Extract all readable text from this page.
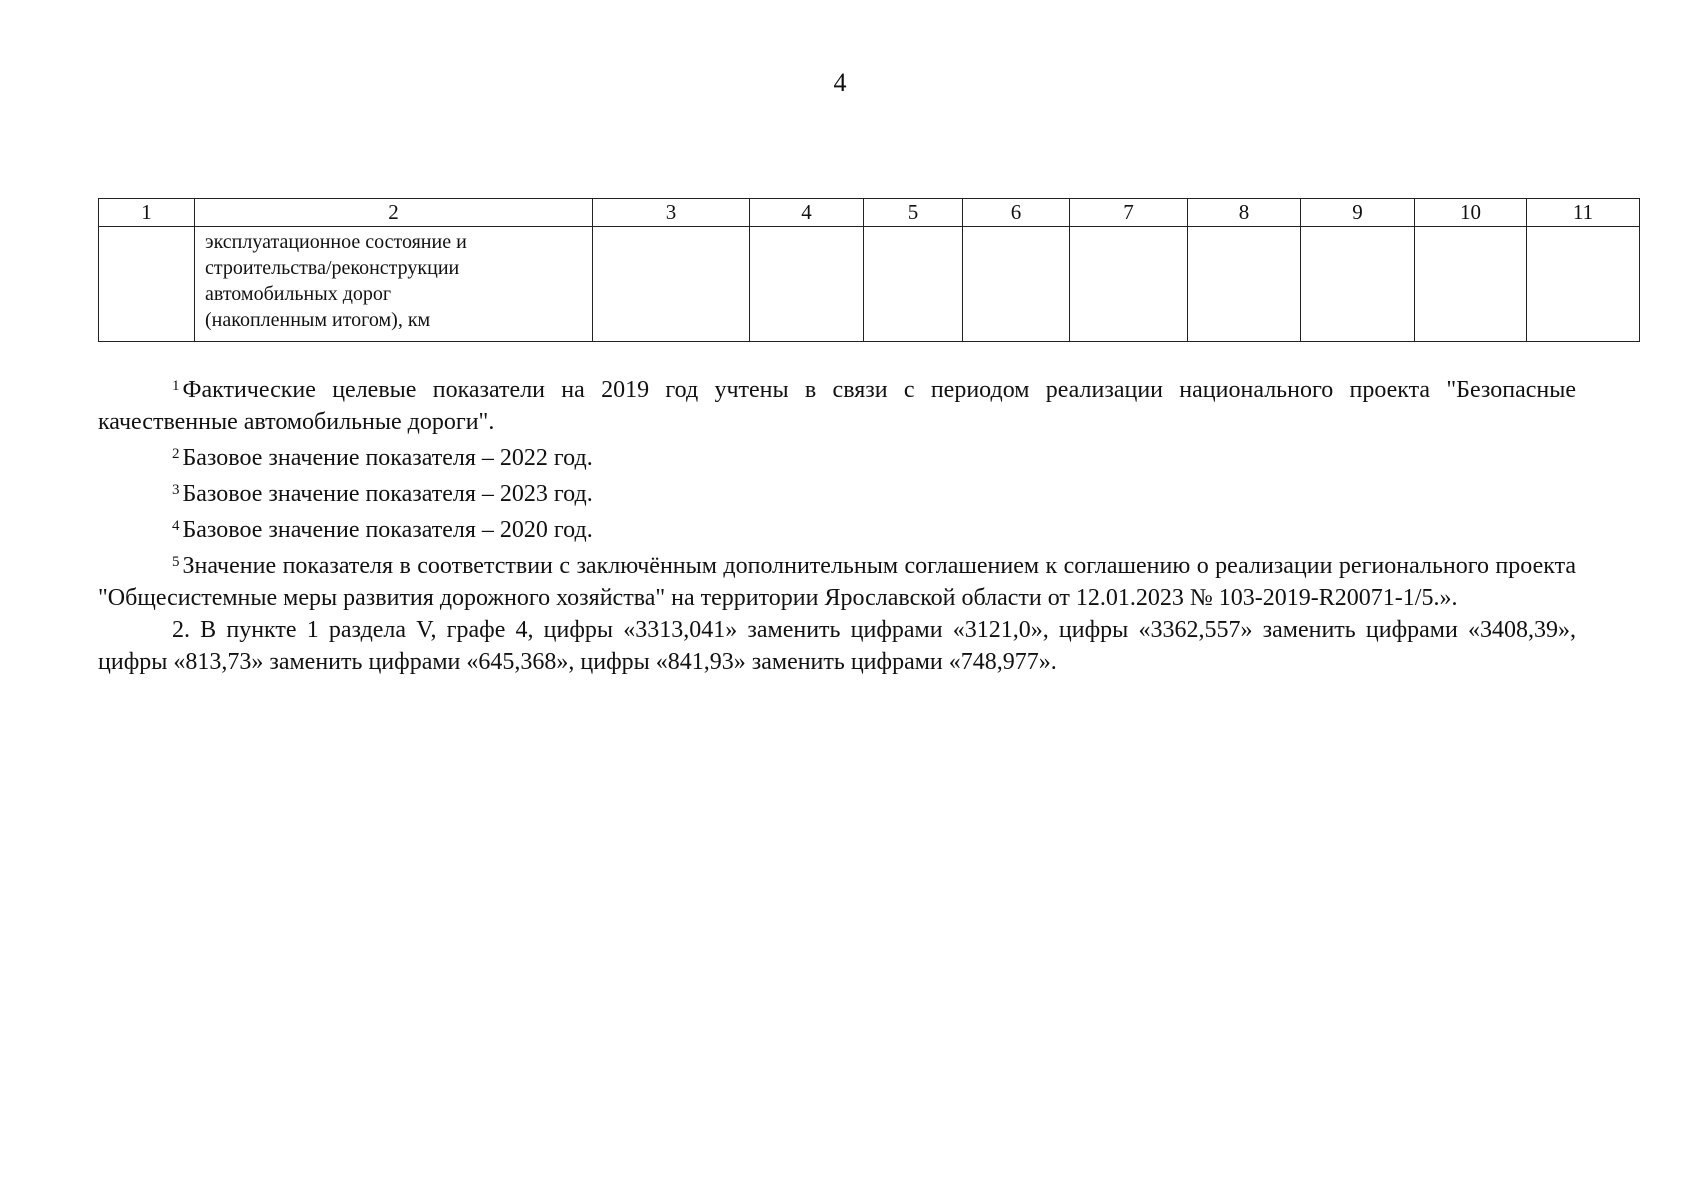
4
1	2	3	4	5	6	7	8	9	10	11

	эксплуатационное состояние и
строительства/реконструкции
автомобильных дорог
(накопленным итогом), км									

$^1$ Фактические целевые показатели на 2019 год учтены в связи с периодом реализации национального проекта "Безопасные качественные автомобильные дороги".

$^2$ Базовое значение показателя – 2022 год.

$^3$ Базовое значение показателя – 2023 год.

$^4$ Базовое значение показателя – 2020 год.

$^5$ Значение показателя в соответствии с заключённым дополнительным соглашением к соглашению о реализации регионального проекта "Общесистемные меры развития дорожного хозяйства" на территории Ярославской области от 12.01.2023 № 103-2019-R20071-1/5.».

2. В пункте 1 раздела V, графе 4, цифры «3313,041» заменить цифрами «3121,0», цифры «3362,557» заменить цифрами «3408,39», цифры «813,73» заменить цифрами «645,368», цифры «841,93» заменить цифрами «748,977».
